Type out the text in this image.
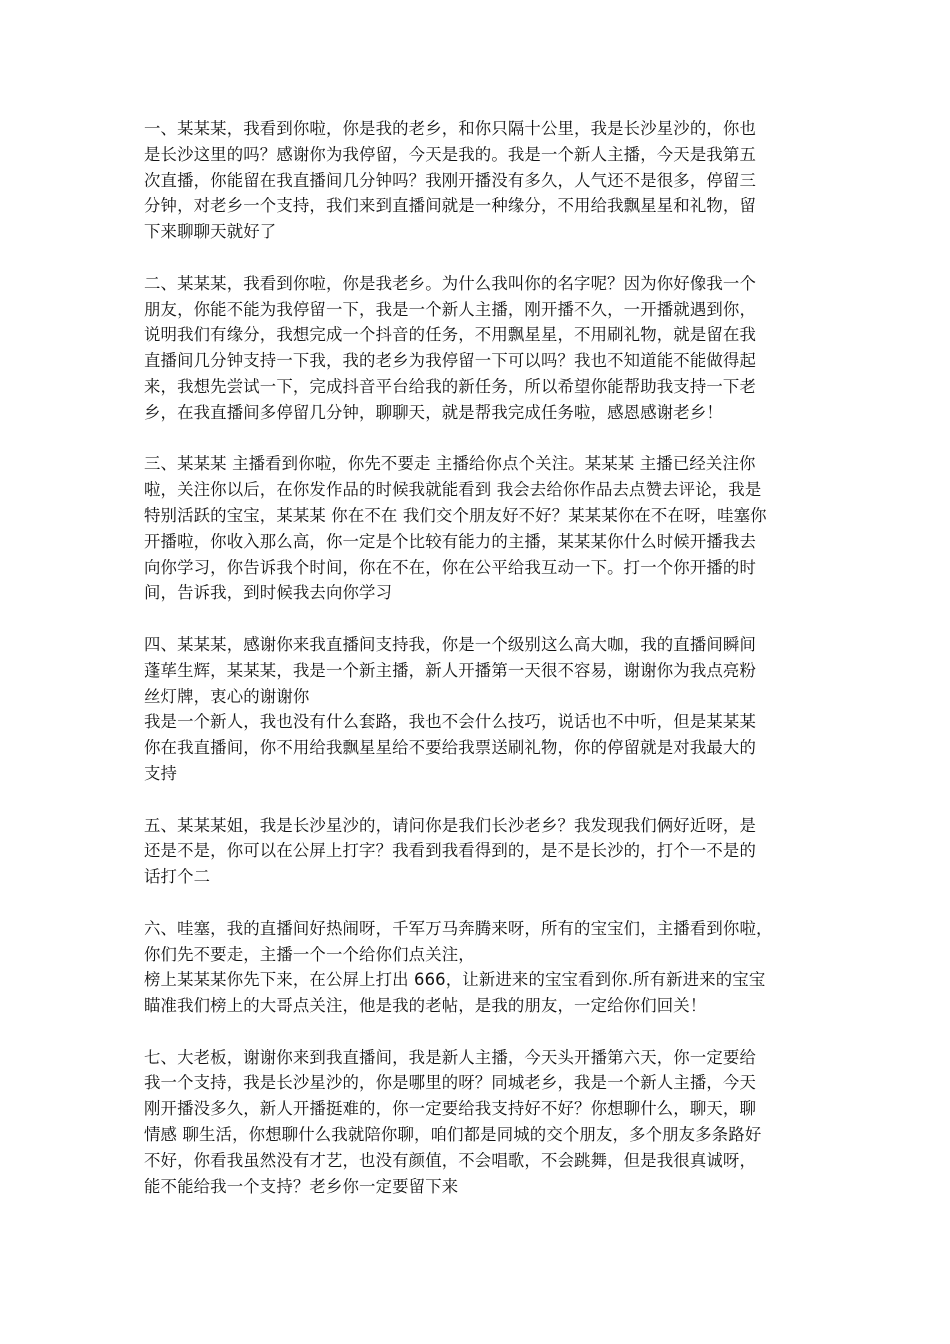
一、某某某，我看到你啦，你是我的老乡，和你只隔十公里，我是长沙星沙的，你也
是长沙这里的吗？感谢你为我停留，今天是我的。我是一个新人主播，今天是我第五
次直播，你能留在我直播间几分钟吗？我刚开播没有多久，人气还不是很多，停留三
分钟，对老乡一个支持，我们来到直播间就是一种缘分，不用给我飘星星和礼物，留
下来聊聊天就好了
二、某某某，我看到你啦，你是我老乡。为什么我叫你的名字呢？因为你好像我一个
朋友，你能不能为我停留一下，我是一个新人主播，刚开播不久，一开播就遇到你，
说明我们有缘分，我想完成一个抖音的任务，不用飘星星，不用刷礼物，就是留在我
直播间几分钟支持一下我，我的老乡为我停留一下可以吗？我也不知道能不能做得起
来，我想先尝试一下，完成抖音平台给我的新任务，所以希望你能帮助我支持一下老
乡，在我直播间多停留几分钟，聊聊天，就是帮我完成任务啦，感恩感谢老乡！
三、某某某 主播看到你啦，你先不要走 主播给你点个关注。某某某 主播已经关注你
啦，关注你以后，在你发作品的时候我就能看到 我会去给你作品去点赞去评论，我是
特别活跃的宝宝，某某某 你在不在 我们交个朋友好不好？某某某你在不在呀，哇塞你
开播啦，你收入那么高，你一定是个比较有能力的主播，某某某你什么时候开播我去
向你学习，你告诉我个时间，你在不在，你在公平给我互动一下。打一个你开播的时
间，告诉我，到时候我去向你学习
四、某某某，感谢你来我直播间支持我，你是一个级别这么高大咖，我的直播间瞬间
蓬荜生辉，某某某，我是一个新主播，新人开播第一天很不容易，谢谢你为我点亮粉
丝灯牌，衷心的谢谢你
我是一个新人，我也没有什么套路，我也不会什么技巧，说话也不中听，但是某某某
你在我直播间，你不用给我飘星星给不要给我票送刷礼物，你的停留就是对我最大的
支持
五、某某某姐，我是长沙星沙的，请问你是我们长沙老乡？我发现我们俩好近呀，是
还是不是，你可以在公屏上打字？我看到我看得到的，是不是长沙的，打个一不是的
话打个二
六、哇塞，我的直播间好热闹呀，千军万马奔腾来呀，所有的宝宝们，主播看到你啦，
你们先不要走，主播一个一个给你们点关注，
榜上某某某你先下来，在公屏上打出 666，让新进来的宝宝看到你.所有新进来的宝宝
瞄准我们榜上的大哥点关注，他是我的老帖，是我的朋友，一定给你们回关！
七、大老板，谢谢你来到我直播间，我是新人主播，今天头开播第六天，你一定要给
我一个支持，我是长沙星沙的，你是哪里的呀？同城老乡，我是一个新人主播，今天
刚开播没多久，新人开播挺难的，你一定要给我支持好不好？你想聊什么，聊天，聊
情感 聊生活，你想聊什么我就陪你聊，咱们都是同城的交个朋友，多个朋友多条路好
不好，你看我虽然没有才艺，也没有颜值，不会唱歌，不会跳舞，但是我很真诚呀，
能不能给我一个支持？老乡你一定要留下来
